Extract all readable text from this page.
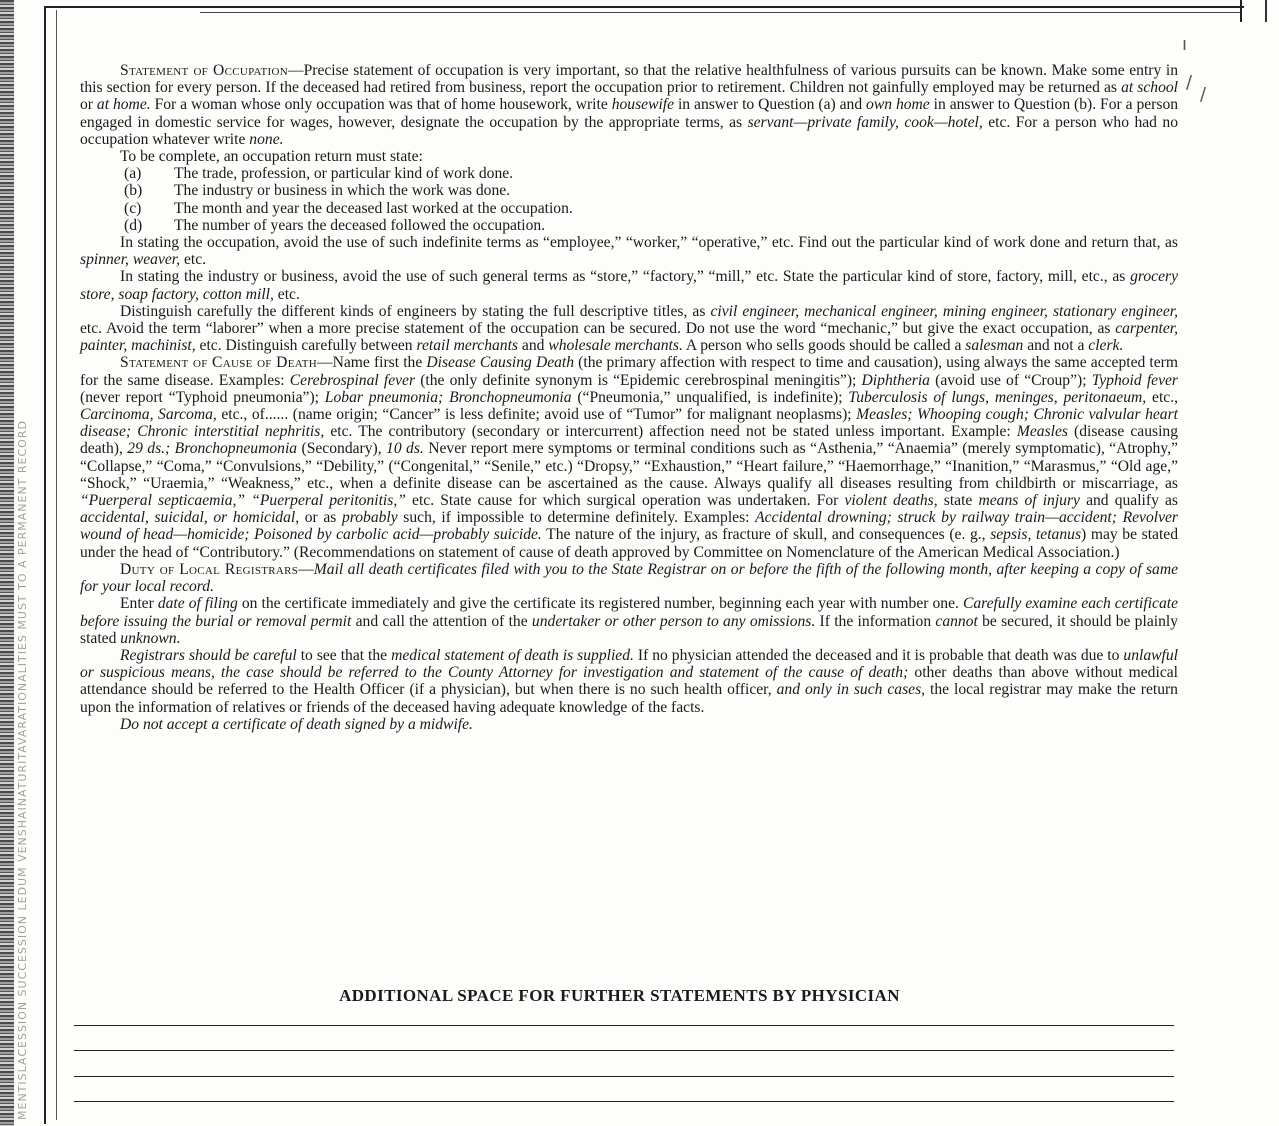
MENTISLACESSION SUCCESSION LEDUM VENSHAINATURITAVARATIONALITIES MUST TO A PERMANENT RECORD
ı
/
/

Statement of Occupation—Precise statement of occupation is very important, so that the relative healthfulness of various pursuits can be known. Make some entry in this section for every person. If the deceased had retired from business, report the occupation prior to retirement. Children not gainfully employed may be returned as at school or at home. For a woman whose only occupation was that of home housework, write housewife in answer to Question (a) and own home in answer to Question (b). For a person engaged in domestic service for wages, however, designate the occupation by the appropriate terms, as servant—private family, cook—hotel, etc. For a person who had no occupation whatever write none.

To be complete, an occupation return must state:

(a)	The trade, profession, or particular kind of work done.
(b)	The industry or business in which the work was done.
(c)	The month and year the deceased last worked at the occupation.
(d)	The number of years the deceased followed the occupation.

In stating the occupation, avoid the use of such indefinite terms as “employee,” “worker,” “operative,” etc. Find out the particular kind of work done and return that, as spinner, weaver, etc.

In stating the industry or business, avoid the use of such general terms as “store,” “factory,” “mill,” etc. State the particular kind of store, factory, mill, etc., as grocery store, soap factory, cotton mill, etc.

Distinguish carefully the different kinds of engineers by stating the full descriptive titles, as civil engineer, mechanical engineer, mining engineer, stationary engineer, etc. Avoid the term “laborer” when a more precise statement of the occupation can be secured. Do not use the word “mechanic,” but give the exact occupation, as carpenter, painter, machinist, etc. Distinguish carefully between retail merchants and wholesale merchants. A person who sells goods should be called a salesman and not a clerk.

Statement of Cause of Death—Name first the Disease Causing Death (the primary affection with respect to time and causation), using always the same accepted term for the same disease. Examples: Cerebrospinal fever (the only definite synonym is “Epidemic cerebrospinal meningitis”); Diphtheria (avoid use of “Croup”); Typhoid fever (never report “Typhoid pneumonia”); Lobar pneumonia; Bronchopneumonia (“Pneumonia,” unqualified, is indefinite); Tuberculosis of lungs, meninges, peritonaeum, etc., Carcinoma, Sarcoma, etc., of...... (name origin; “Cancer” is less definite; avoid use of “Tumor” for malignant neoplasms); Measles; Whooping cough; Chronic valvular heart disease; Chronic interstitial nephritis, etc. The contributory (secondary or intercurrent) affection need not be stated unless important. Example: Measles (disease causing death), 29 ds.; Bronchopneumonia (Secondary), 10 ds. Never report mere symptoms or terminal conditions such as “Asthenia,” “Anaemia” (merely symptomatic), “Atrophy,” “Collapse,” “Coma,” “Convulsions,” “Debility,” (“Congenital,” “Senile,” etc.) “Dropsy,” “Exhaustion,” “Heart failure,” “Haemorrhage,” “Inanition,” “Marasmus,” “Old age,” “Shock,” “Uraemia,” “Weakness,” etc., when a definite disease can be ascertained as the cause. Always qualify all diseases resulting from childbirth or miscarriage, as “Puerperal septicaemia,” “Puerperal peritonitis,” etc. State cause for which surgical operation was undertaken. For violent deaths, state means of injury and qualify as accidental, suicidal, or homicidal, or as probably such, if impossible to determine definitely. Examples: Accidental drowning; struck by railway train—accident; Revolver wound of head—homicide; Poisoned by carbolic acid—probably suicide. The nature of the injury, as fracture of skull, and consequences (e. g., sepsis, tetanus) may be stated under the head of “Contributory.” (Recommendations on statement of cause of death approved by Committee on Nomenclature of the American Medical Association.)

Duty of Local Registrars—Mail all death certificates filed with you to the State Registrar on or before the fifth of the following month, after keeping a copy of same for your local record.

Enter date of filing on the certificate immediately and give the certificate its registered number, beginning each year with number one. Carefully examine each certificate before issuing the burial or removal permit and call the attention of the undertaker or other person to any omissions. If the information cannot be secured, it should be plainly stated unknown.

Registrars should be careful to see that the medical statement of death is supplied. If no physician attended the deceased and it is probable that death was due to unlawful or suspicious means, the case should be referred to the County Attorney for investigation and statement of the cause of death; other deaths than above without medical attendance should be referred to the Health Officer (if a physician), but when there is no such health officer, and only in such cases, the local registrar may make the return upon the information of relatives or friends of the deceased having adequate knowledge of the facts.

Do not accept a certificate of death signed by a midwife.

ADDITIONAL SPACE FOR FURTHER STATEMENTS BY PHYSICIAN
